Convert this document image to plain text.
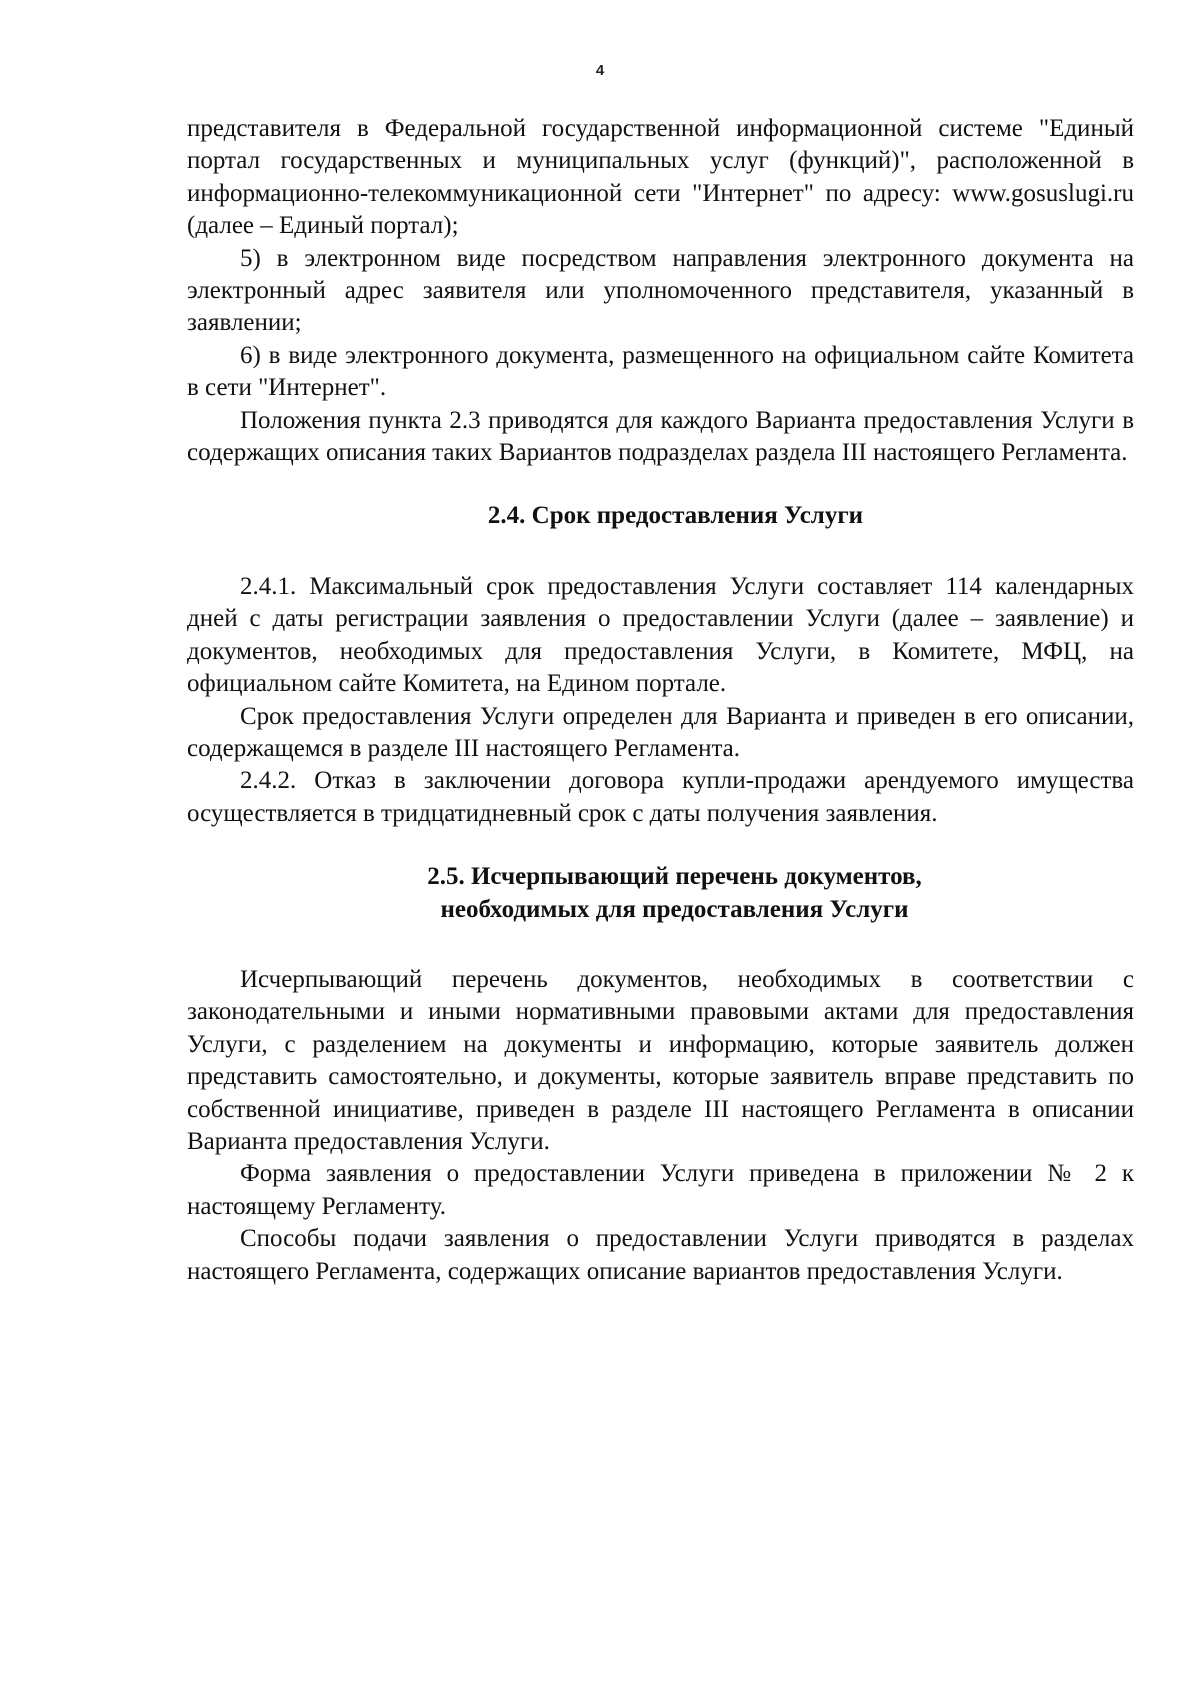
4

представителя в Федеральной государственной информационной системе "Единый портал государственных и муниципальных услуг (функций)", расположенной в информационно-телекоммуникационной сети "Интернет" по адресу: www.gosuslugi.ru (далее – Единый портал);

5) в электронном виде посредством направления электронного документа на электронный адрес заявителя или уполномоченного представителя, указанный в заявлении;

6) в виде электронного документа, размещенного на официальном сайте Комитета в сети "Интернет".

Положения пункта 2.3 приводятся для каждого Варианта предоставления Услуги в содержащих описания таких Вариантов подразделах раздела III настоящего Регламента.

2.4. Срок предоставления Услуги

2.4.1. Максимальный срок предоставления Услуги составляет 114 календарных дней с даты регистрации заявления о предоставлении Услуги (далее – заявление) и документов, необходимых для предоставления Услуги, в Комитете, МФЦ, на официальном сайте Комитета, на Едином портале.

Срок предоставления Услуги определен для Варианта и приведен в его описании, содержащемся в разделе III настоящего Регламента.

2.4.2. Отказ в заключении договора купли-продажи арендуемого имущества осуществляется в тридцатидневный срок с даты получения заявления.

2.5. Исчерпывающий перечень документов,
необходимых для предоставления Услуги

Исчерпывающий перечень документов, необходимых в соответствии с законодательными и иными нормативными правовыми актами для предоставления Услуги, с разделением на документы и информацию, которые заявитель должен представить самостоятельно, и документы, которые заявитель вправе представить по собственной инициативе, приведен в разделе III настоящего Регламента в описании Варианта предоставления Услуги.

Форма заявления о предоставлении Услуги приведена в приложении № 2 к настоящему Регламенту.

Способы подачи заявления о предоставлении Услуги приводятся в разделах настоящего Регламента, содержащих описание вариантов предоставления Услуги.
